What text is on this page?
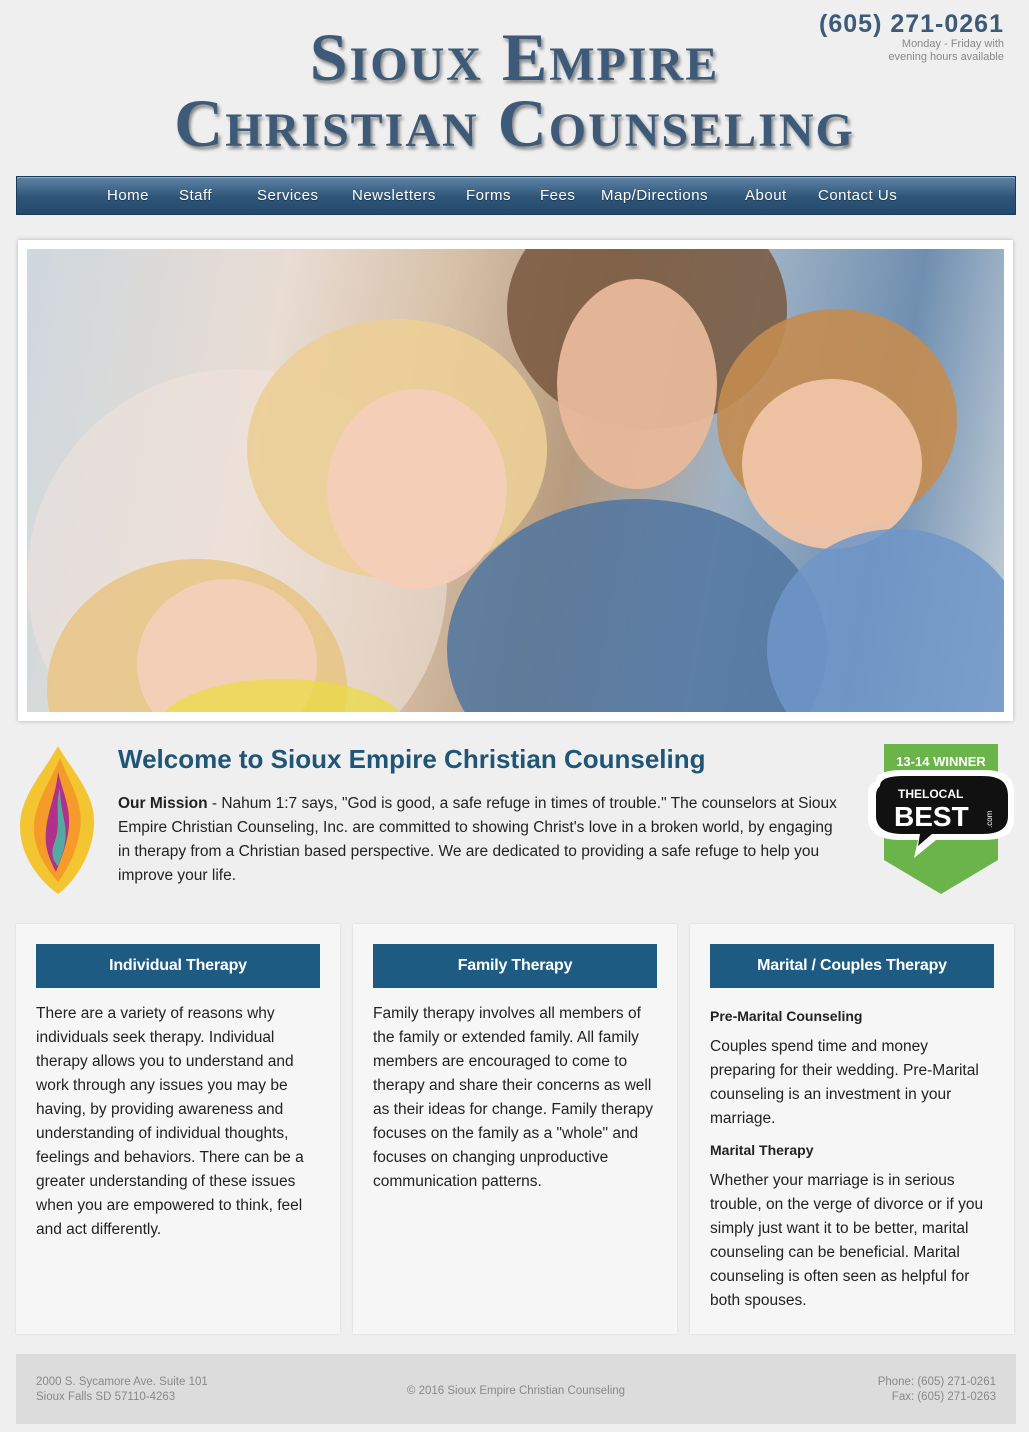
Sioux Empire
Christian Counseling
(605) 271-0261
Monday - Friday with
evening hours available
Home Staff	Services Newsletters Forms Fees Map/Directions About Contact Us
Welcome to Sioux Empire Christian Counseling
Our Mission - Nahum 1:7 says, "God is good, a safe refuge in times of trouble." The counselors at Sioux Empire Christian Counseling, Inc. are committed to showing Christ's love in a broken world, by engaging in therapy from a Christian based perspective. We are dedicated to providing a safe refuge to help you improve your life.
13-14 WINNER
THELOCAL
BEST .com
Individual Therapy
There are a variety of reasons why individuals seek therapy. Individual therapy allows you to understand and work through any issues you may be having, by providing awareness and understanding of individual thoughts, feelings and behaviors. There can be a greater understanding of these issues when you are empowered to think, feel and act differently.
Family Therapy
Family therapy involves all members of the family or extended family. All family members are encouraged to come to therapy and share their concerns as well as their ideas for change. Family therapy focuses on the family as a "whole" and focuses on changing unproductive communication patterns.
Marital / Couples Therapy
Pre-Marital Counseling
Couples spend time and money preparing for their wedding. Pre-Marital counseling is an investment in your marriage.
Marital Therapy
Whether your marriage is in serious trouble, on the verge of divorce or if you simply just want it to be better, marital counseling can be beneficial. Marital counseling is often seen as helpful for both spouses.
2000 S. Sycamore Ave. Suite 101
Sioux Falls SD 57110-4263	© 2016 Sioux Empire Christian Counseling
Phone: (605) 271-0261
Fax: (605) 271-0263
